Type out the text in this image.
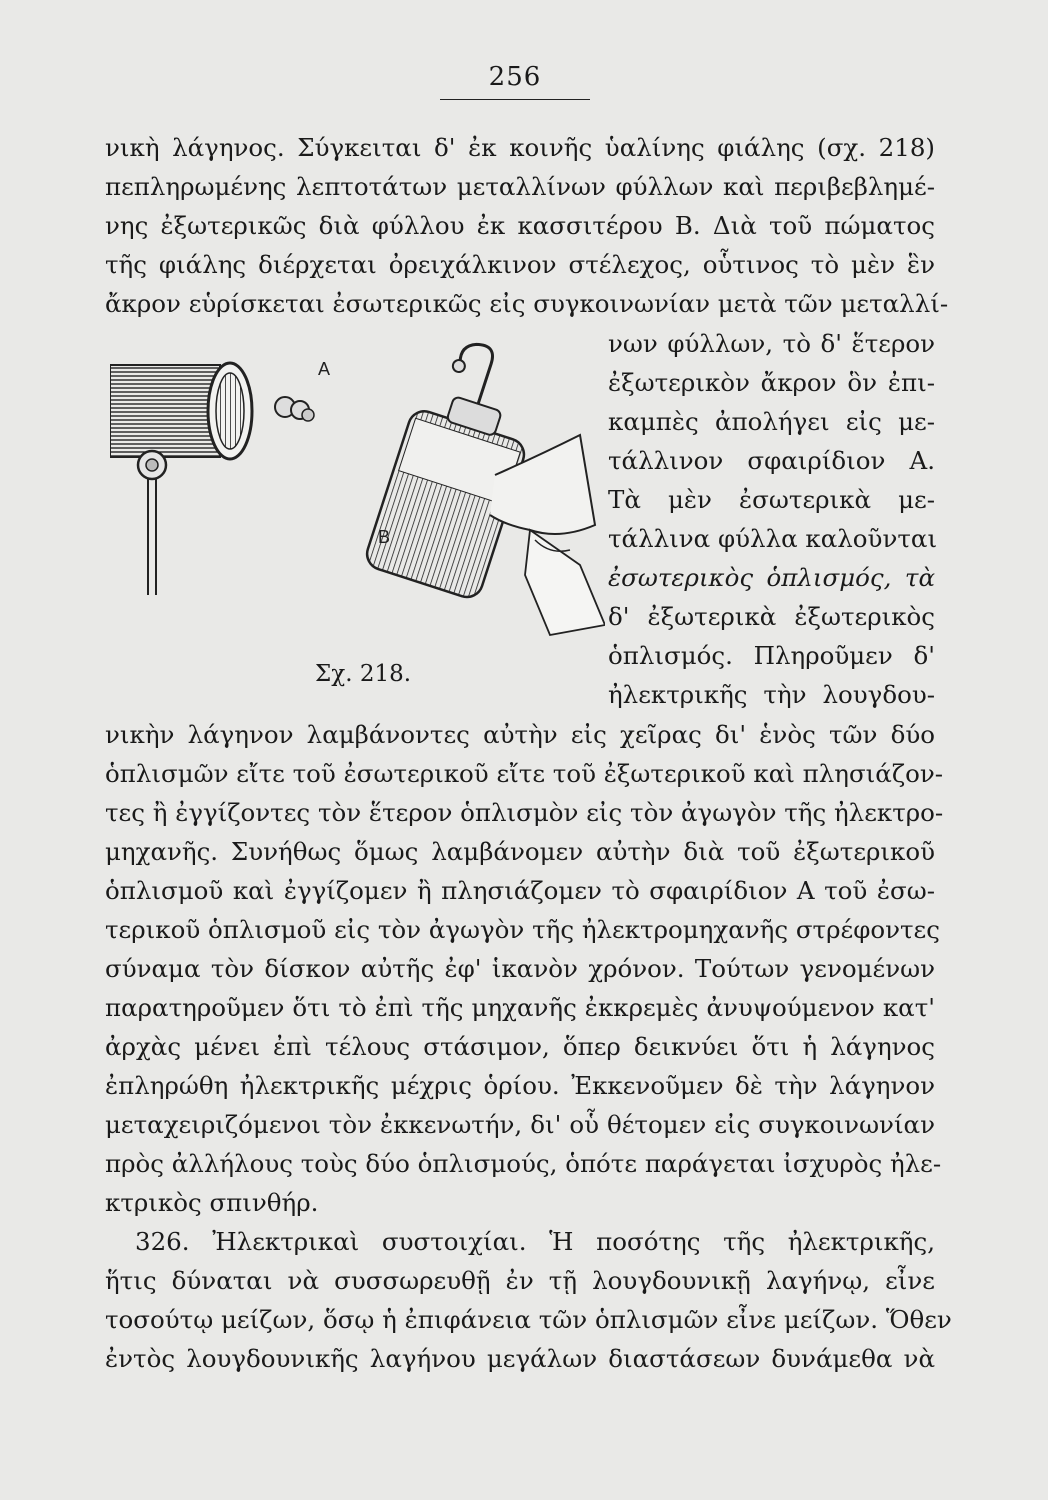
256
νικὴ λάγηνος. Σύγκειται δ' ἐκ κοινῆς ὑαλίνης φιάλης (σχ. 218)
πεπληρωμένης λεπτοτάτων μεταλλίνων φύλλων καὶ περιβεβλημέ-
νης ἐξωτερικῶς διὰ φύλλου ἐκ κασσιτέρου Β. Διὰ τοῦ πώματος
τῆς φιάλης διέρχεται ὀρειχάλκινον στέλεχος, οὗτινος τὸ μὲν ἓν
ἄκρον εὑρίσκεται ἐσωτερικῶς εἰς συγκοινωνίαν μετὰ τῶν μεταλλί-
νων φύλλων, τὸ δ' ἕτερον
ἐξωτερικὸν ἄκρον ὃν ἐπι-
καμπὲς ἀπολήγει εἰς με-
τάλλινον σφαιρίδιον Α.
Τὰ μὲν ἐσωτερικὰ με-
τάλλινα φύλλα καλοῦνται
ἐσωτερικὸς ὁπλισμός, τὰ
δ' ἐξωτερικὰ ἐξωτερικὸς
ὁπλισμός. Πληροῦμεν δ'
ἠλεκτρικῆς τὴν λουγδου-
νικὴν λάγηνον λαμβάνοντες αὐτὴν εἰς χεῖρας δι' ἑνὸς τῶν δύο
ὁπλισμῶν εἴτε τοῦ ἐσωτερικοῦ εἴτε τοῦ ἐξωτερικοῦ καὶ πλησιάζον-
τες ἢ ἐγγίζοντες τὸν ἕτερον ὁπλισμὸν εἰς τὸν ἀγωγὸν τῆς ἠλεκτρο-
μηχανῆς. Συνήθως ὅμως λαμβάνομεν αὐτὴν διὰ τοῦ ἐξωτερικοῦ
ὁπλισμοῦ καὶ ἐγγίζομεν ἢ πλησιάζομεν τὸ σφαιρίδιον Α τοῦ ἐσω-
τερικοῦ ὁπλισμοῦ εἰς τὸν ἀγωγὸν τῆς ἠλεκτρομηχανῆς στρέφοντες
σύναμα τὸν δίσκον αὐτῆς ἐφ' ἱκανὸν χρόνον. Τούτων γενομένων
παρατηροῦμεν ὅτι τὸ ἐπὶ τῆς μηχανῆς ἐκκρεμὲς ἀνυψούμενον κατ'
ἀρχὰς μένει ἐπὶ τέλους στάσιμον, ὅπερ δεικνύει ὅτι ἡ λάγηνος
ἐπληρώθη ἠλεκτρικῆς μέχρις ὁρίου. Ἐκκενοῦμεν δὲ τὴν λάγηνον
μεταχειριζόμενοι τὸν ἐκκενωτήν, δι' οὗ θέτομεν εἰς συγκοινωνίαν
πρὸς ἀλλήλους τοὺς δύο ὁπλισμούς, ὁπότε παράγεται ἰσχυρὸς ἠλε-
κτρικὸς σπινθήρ.
326. Ἠλεκτρικαὶ συστοιχίαι. Ἡ ποσότης τῆς ἠλεκτρικῆς,
ἥτις δύναται νὰ συσσωρευθῇ ἐν τῇ λουγδουνικῇ λαγήνῳ, εἶνε
τοσούτῳ μείζων, ὅσῳ ἡ ἐπιφάνεια τῶν ὁπλισμῶν εἶνε μείζων. Ὅθεν
ἐντὸς λουγδουνικῆς λαγήνου μεγάλων διαστάσεων δυνάμεθα νὰ
A
B
Σχ. 218.
